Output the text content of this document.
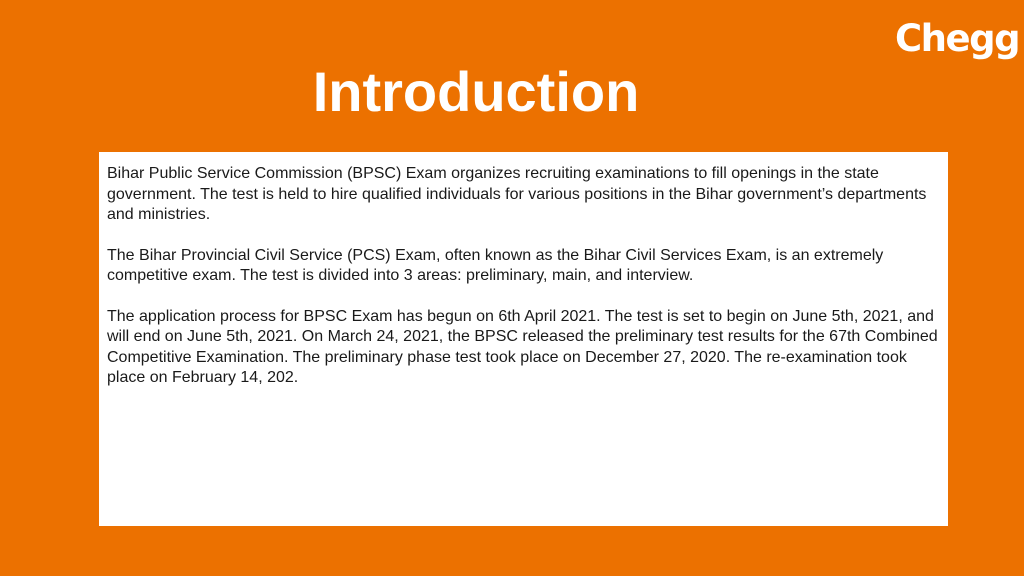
Chegg
Introduction

Bihar Public Service Commission (BPSC) Exam organizes recruiting examinations to fill openings in the state government. The test is held to hire qualified individuals for various positions in the Bihar government’s departments and ministries.

The Bihar Provincial Civil Service (PCS) Exam, often known as the Bihar Civil Services Exam, is an extremely competitive exam. The test is divided into 3 areas: preliminary, main, and interview.

The application process for BPSC Exam has begun on 6th April 2021. The test is set to begin on June 5th, 2021, and will end on June 5th, 2021. On March 24, 2021, the BPSC released the preliminary test results for the 67th Combined Competitive Examination. The preliminary phase test took place on December 27, 2020. The re-examination took place on February 14, 202.
